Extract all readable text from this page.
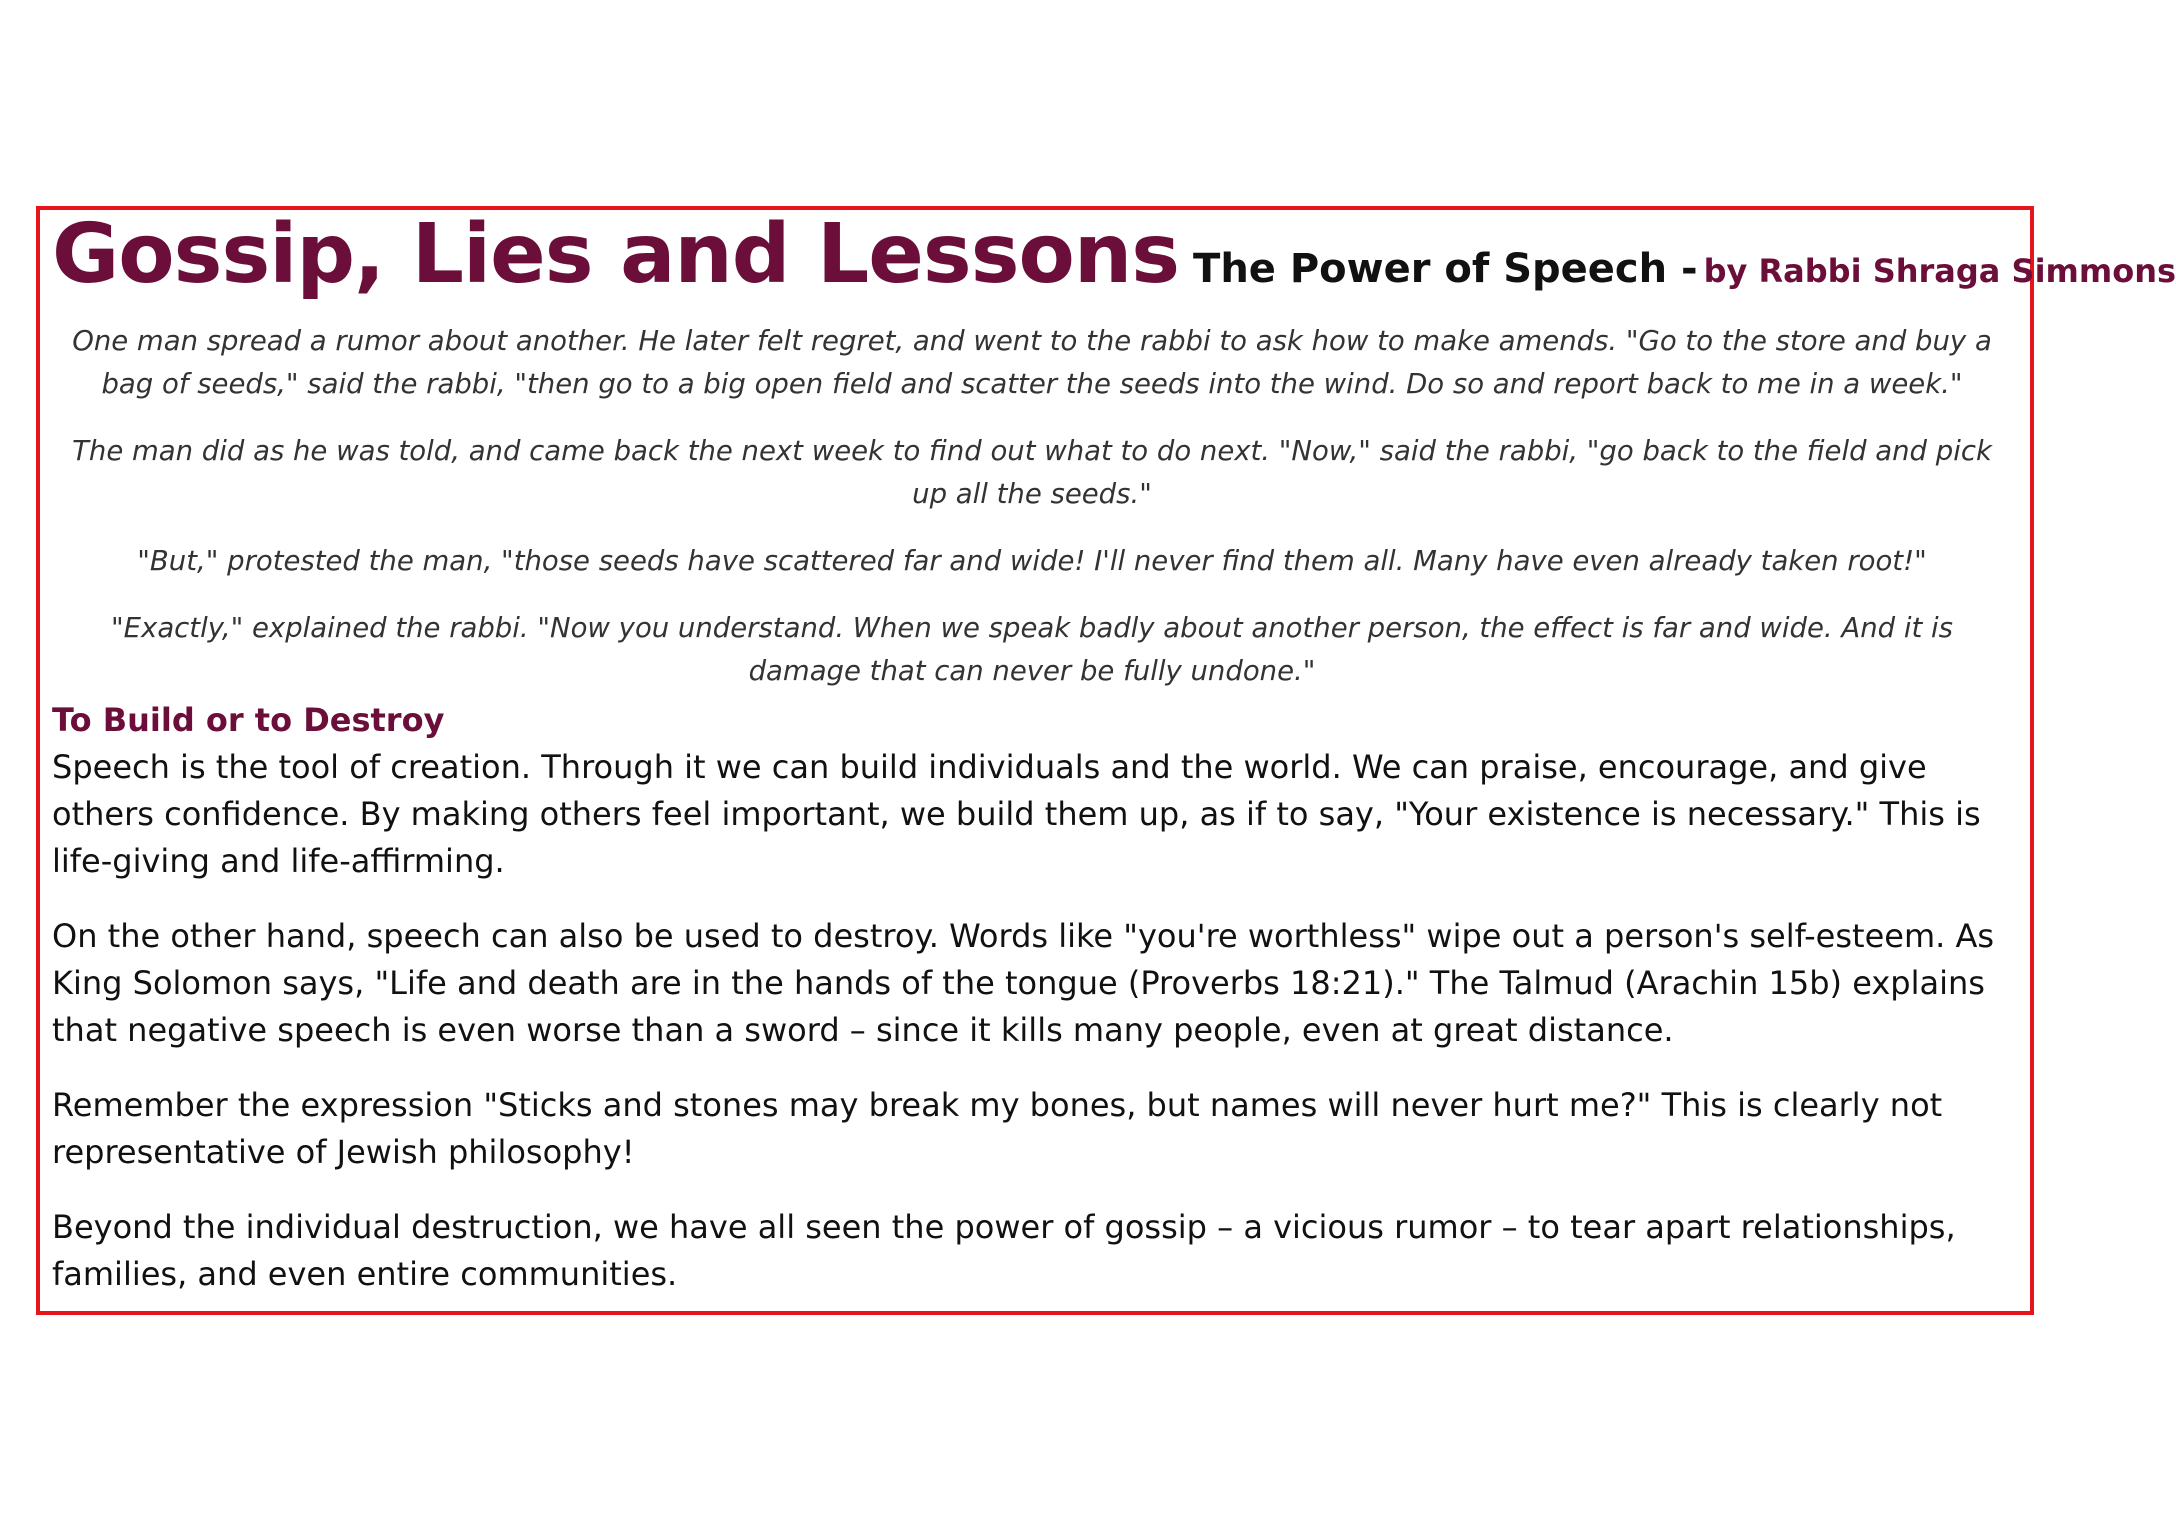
Gossip, Lies and Lessons The Power of Speech - by Rabbi Shraga Simmons

One man spread a rumor about another. He later felt regret, and went to the rabbi to ask how to make amends. "Go to the store and buy a bag of seeds," said the rabbi, "then go to a big open field and scatter the seeds into the wind. Do so and report back to me in a week."

The man did as he was told, and came back the next week to find out what to do next. "Now," said the rabbi, "go back to the field and pick up all the seeds."

"But," protested the man, "those seeds have scattered far and wide! I'll never find them all. Many have even already taken root!"

"Exactly," explained the rabbi. "Now you understand. When we speak badly about another person, the effect is far and wide. And it is damage that can never be fully undone."

To Build or to Destroy

Speech is the tool of creation. Through it we can build individuals and the world. We can praise, encourage, and give others confidence. By making others feel important, we build them up, as if to say, "Your existence is necessary." This is life-giving and life-affirming.

On the other hand, speech can also be used to destroy. Words like "you're worthless" wipe out a person's self-esteem. As King Solomon says, "Life and death are in the hands of the tongue (Proverbs 18:21)." The Talmud (Arachin 15b) explains that negative speech is even worse than a sword – since it kills many people, even at great distance.

Remember the expression "Sticks and stones may break my bones, but names will never hurt me?" This is clearly not representative of Jewish philosophy!

Beyond the individual destruction, we have all seen the power of gossip – a vicious rumor – to tear apart relationships, families, and even entire communities.
